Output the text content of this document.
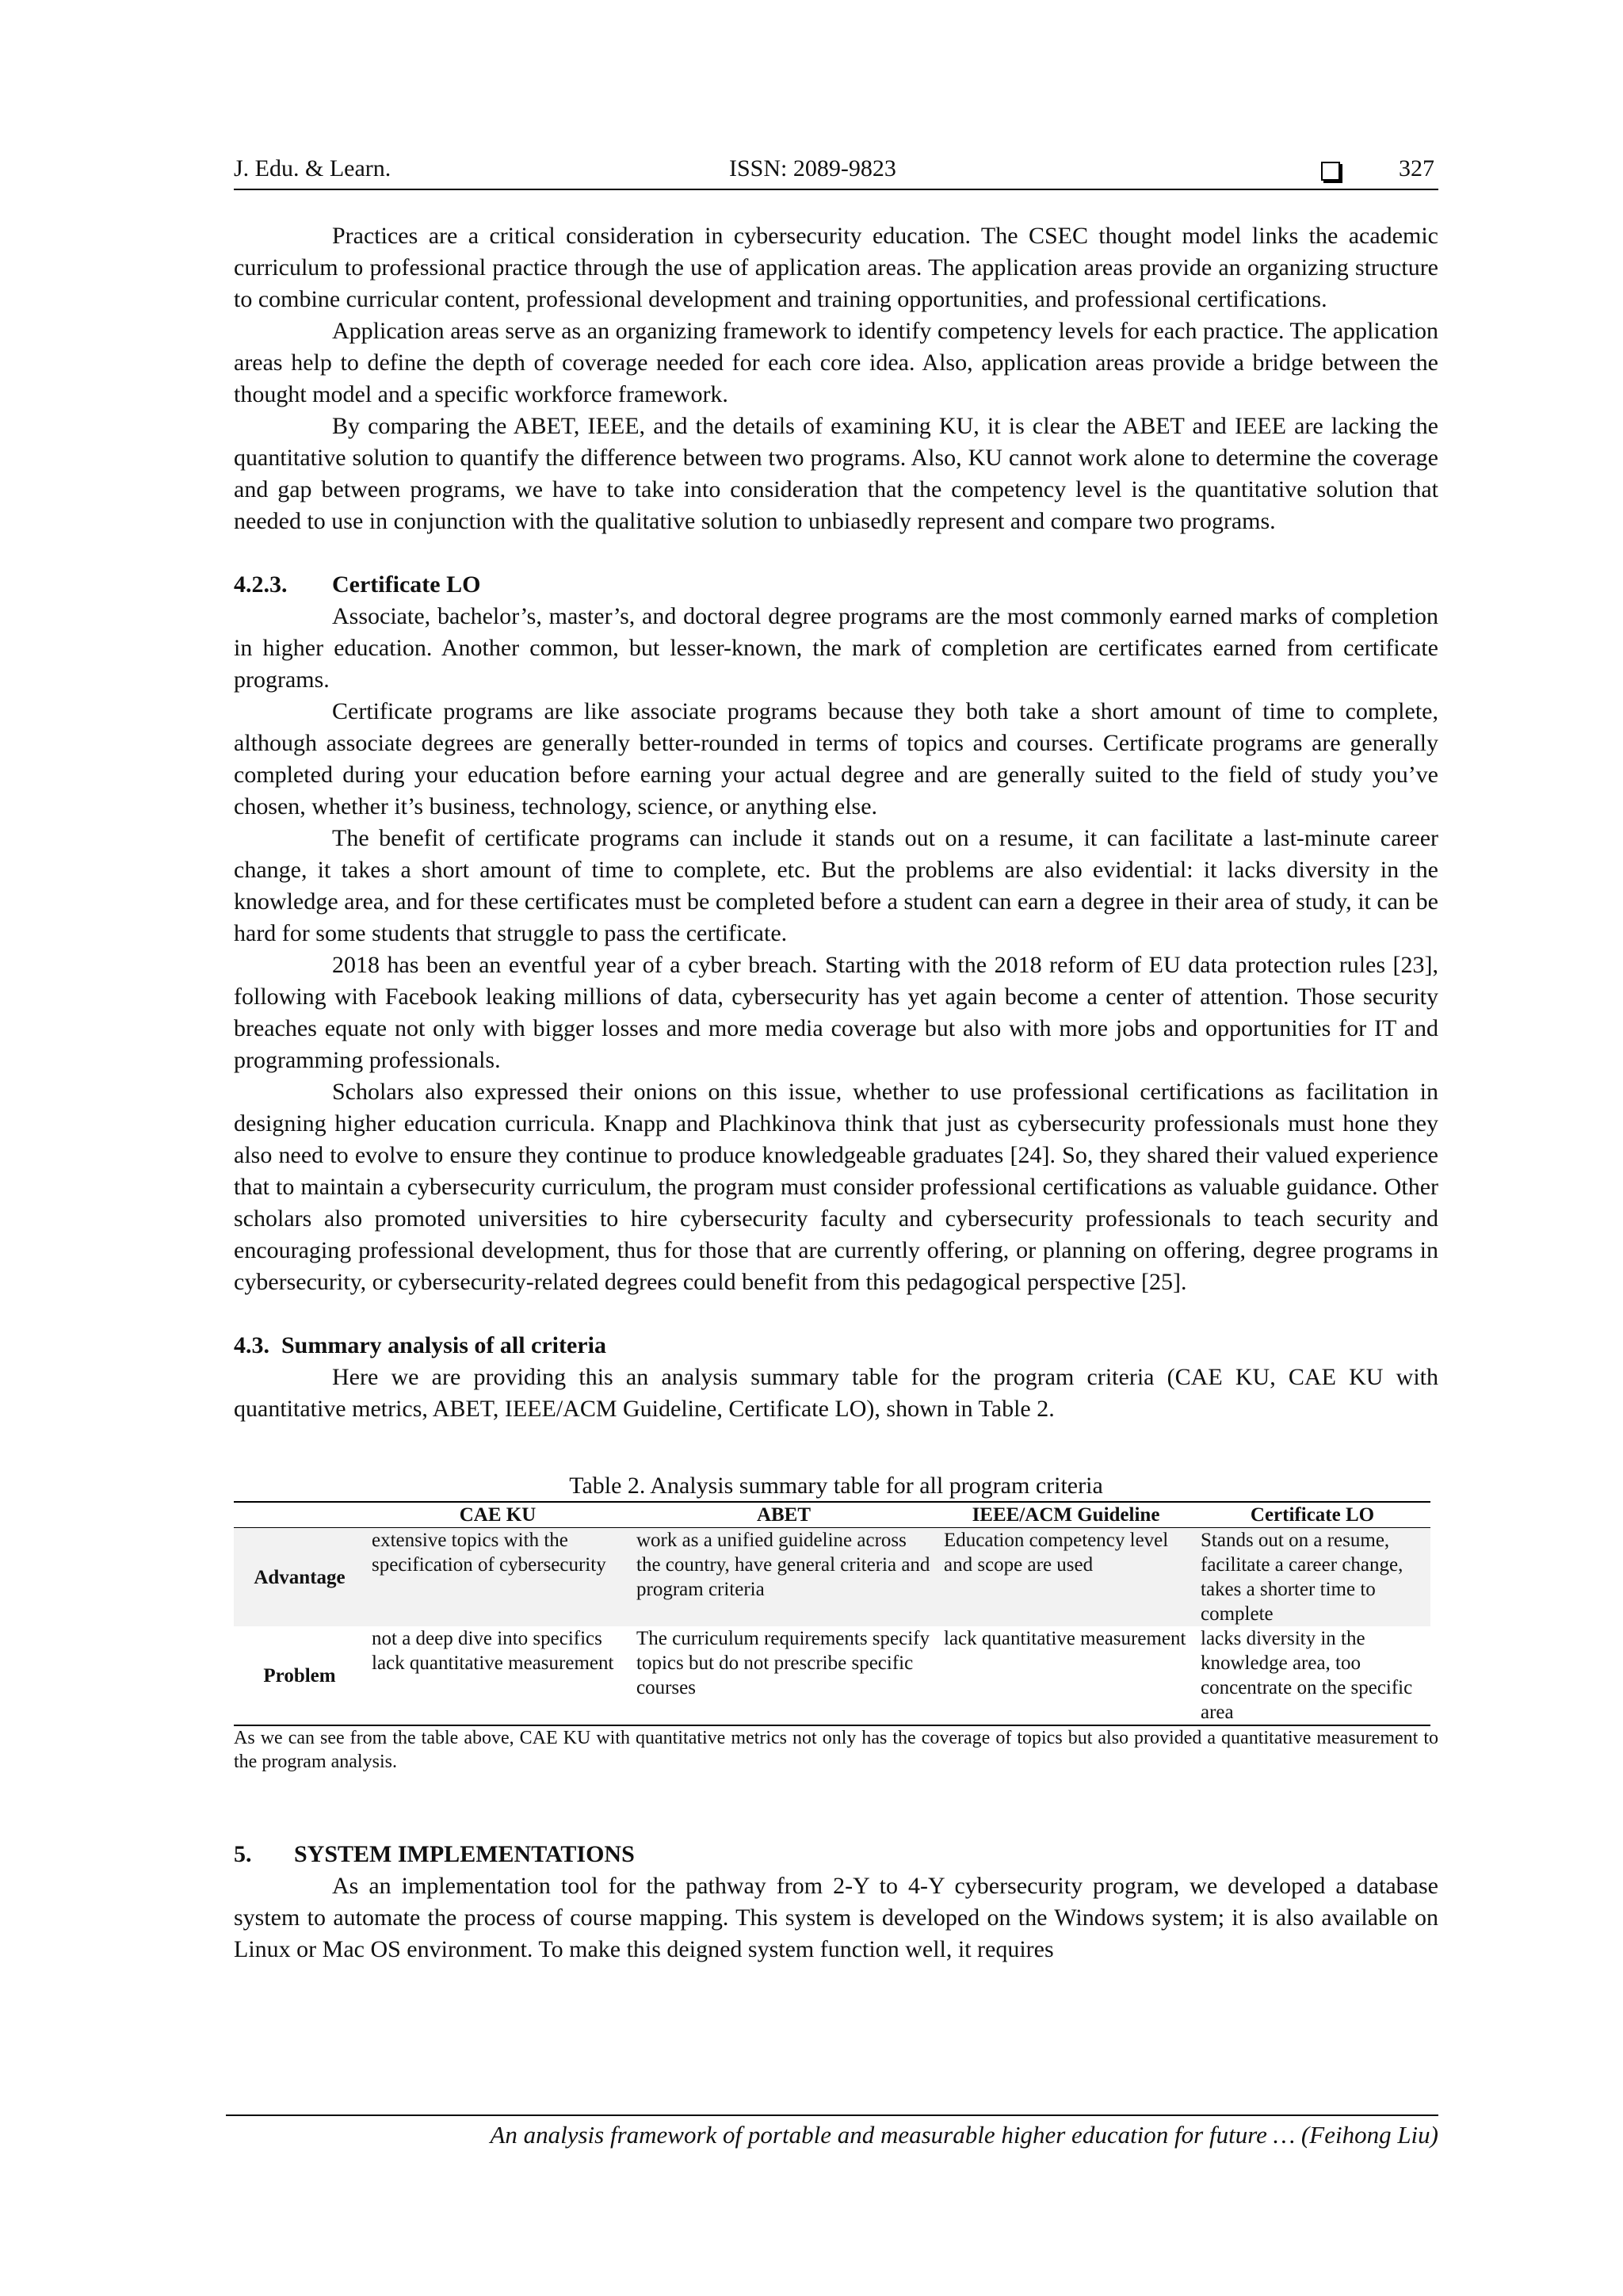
J. Edu. & Learn.	ISSN: 2089-9823	327

Practices are a critical consideration in cybersecurity education. The CSEC thought model links the academic curriculum to professional practice through the use of application areas. The application areas provide an organizing structure to combine curricular content, professional development and training opportunities, and professional certifications.

Application areas serve as an organizing framework to identify competency levels for each practice. The application areas help to define the depth of coverage needed for each core idea. Also, application areas provide a bridge between the thought model and a specific workforce framework.

By comparing the ABET, IEEE, and the details of examining KU, it is clear the ABET and IEEE are lacking the quantitative solution to quantify the difference between two programs. Also, KU cannot work alone to determine the coverage and gap between programs, we have to take into consideration that the competency level is the quantitative solution that needed to use in conjunction with the qualitative solution to unbiasedly represent and compare two programs.

4.2.3. Certificate LO

Associate, bachelor’s, master’s, and doctoral degree programs are the most commonly earned marks of completion in higher education. Another common, but lesser-known, the mark of completion are certificates earned from certificate programs.

Certificate programs are like associate programs because they both take a short amount of time to complete, although associate degrees are generally better-rounded in terms of topics and courses. Certificate programs are generally completed during your education before earning your actual degree and are generally suited to the field of study you’ve chosen, whether it’s business, technology, science, or anything else.

The benefit of certificate programs can include it stands out on a resume, it can facilitate a last-minute career change, it takes a short amount of time to complete, etc. But the problems are also evidential: it lacks diversity in the knowledge area, and for these certificates must be completed before a student can earn a degree in their area of study, it can be hard for some students that struggle to pass the certificate.

2018 has been an eventful year of a cyber breach. Starting with the 2018 reform of EU data protection rules [23], following with Facebook leaking millions of data, cybersecurity has yet again become a center of attention. Those security breaches equate not only with bigger losses and more media coverage but also with more jobs and opportunities for IT and programming professionals.

Scholars also expressed their onions on this issue, whether to use professional certifications as facilitation in designing higher education curricula. Knapp and Plachkinova think that just as cybersecurity professionals must hone they also need to evolve to ensure they continue to produce knowledgeable graduates [24]. So, they shared their valued experience that to maintain a cybersecurity curriculum, the program must consider professional certifications as valuable guidance. Other scholars also promoted universities to hire cybersecurity faculty and cybersecurity professionals to teach security and encouraging professional development, thus for those that are currently offering, or planning on offering, degree programs in cybersecurity, or cybersecurity-related degrees could benefit from this pedagogical perspective [25].

4.3. Summary analysis of all criteria

Here we are providing this an analysis summary table for the program criteria (CAE KU, CAE KU with quantitative metrics, ABET, IEEE/ACM Guideline, Certificate LO), shown in Table 2.

Table 2. Analysis summary table for all program criteria
	CAE KU	ABET	IEEE/ACM Guideline	Certificate LO
Advantage	extensive topics with the specification of cybersecurity	work as a unified guideline across the country, have general criteria and program criteria	Education competency level and scope are used	Stands out on a resume, facilitate a career change, takes a shorter time to complete
Problem	not a deep dive into specifics lack quantitative measurement	The curriculum requirements specify topics but do not prescribe specific courses	lack quantitative measurement	lacks diversity in the knowledge area, too concentrate on the specific area

As we can see from the table above, CAE KU with quantitative metrics not only has the coverage of topics but also provided a quantitative measurement to the program analysis.

5. SYSTEM IMPLEMENTATIONS

As an implementation tool for the pathway from 2-Y to 4-Y cybersecurity program, we developed a database system to automate the process of course mapping. This system is developed on the Windows system; it is also available on Linux or Mac OS environment. To make this deigned system function well, it requires

An analysis framework of portable and measurable higher education for future … (Feihong Liu)
